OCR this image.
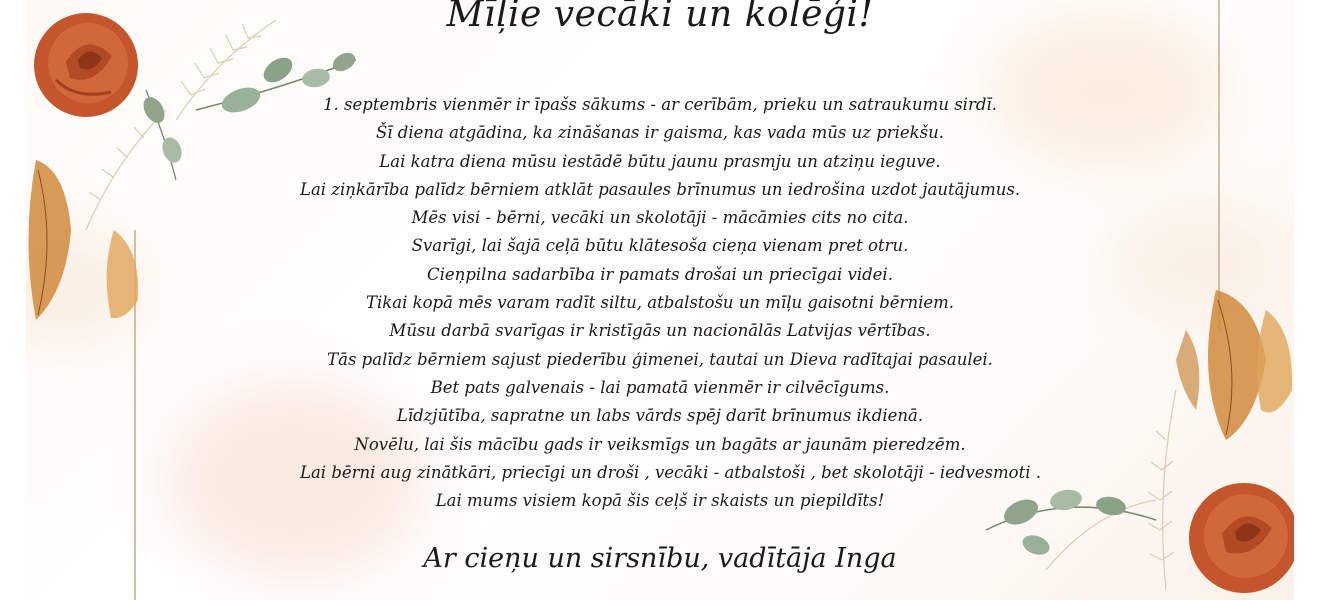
Mīļie vecāki un kolēģi!
1. septembris vienmēr ir īpašs sākums - ar cerībām, prieku un satraukumu sirdī.
Šī diena atgādina, ka zināšanas ir gaisma, kas vada mūs uz priekšu.
Lai katra diena mūsu iestādē būtu jaunu prasmju un atziņu ieguve.
Lai ziņkārība palīdz bērniem atklāt pasaules brīnumus un iedrošina uzdot jautājumus.
Mēs visi - bērni, vecāki un skolotāji - mācāmies cits no cita.
Svarīgi, lai šajā ceļā būtu klātesoša cieņa vienam pret otru.
Cieņpilna sadarbība ir pamats drošai un priecīgai videi.
Tikai kopā mēs varam radīt siltu, atbalstošu un mīļu gaisotni bērniem.
Mūsu darbā svarīgas ir kristīgās un nacionālās Latvijas vērtības.
Tās palīdz bērniem sajust piederību ģimenei, tautai un Dieva radītajai pasaulei.
Bet pats galvenais - lai pamatā vienmēr ir cilvēcīgums.
Līdzjūtība, sapratne un labs vārds spēj darīt brīnumus ikdienā.
Novēlu, lai šis mācību gads ir veiksmīgs un bagāts ar jaunām pieredzēm.
Lai bērni aug zinātkāri, priecīgi un droši , vecāki - atbalstoši , bet skolotāji - iedvesmoti .
Lai mums visiem kopā šis ceļš ir skaists un piepildīts!
Ar cieņu un sirsnību, vadītāja Inga
